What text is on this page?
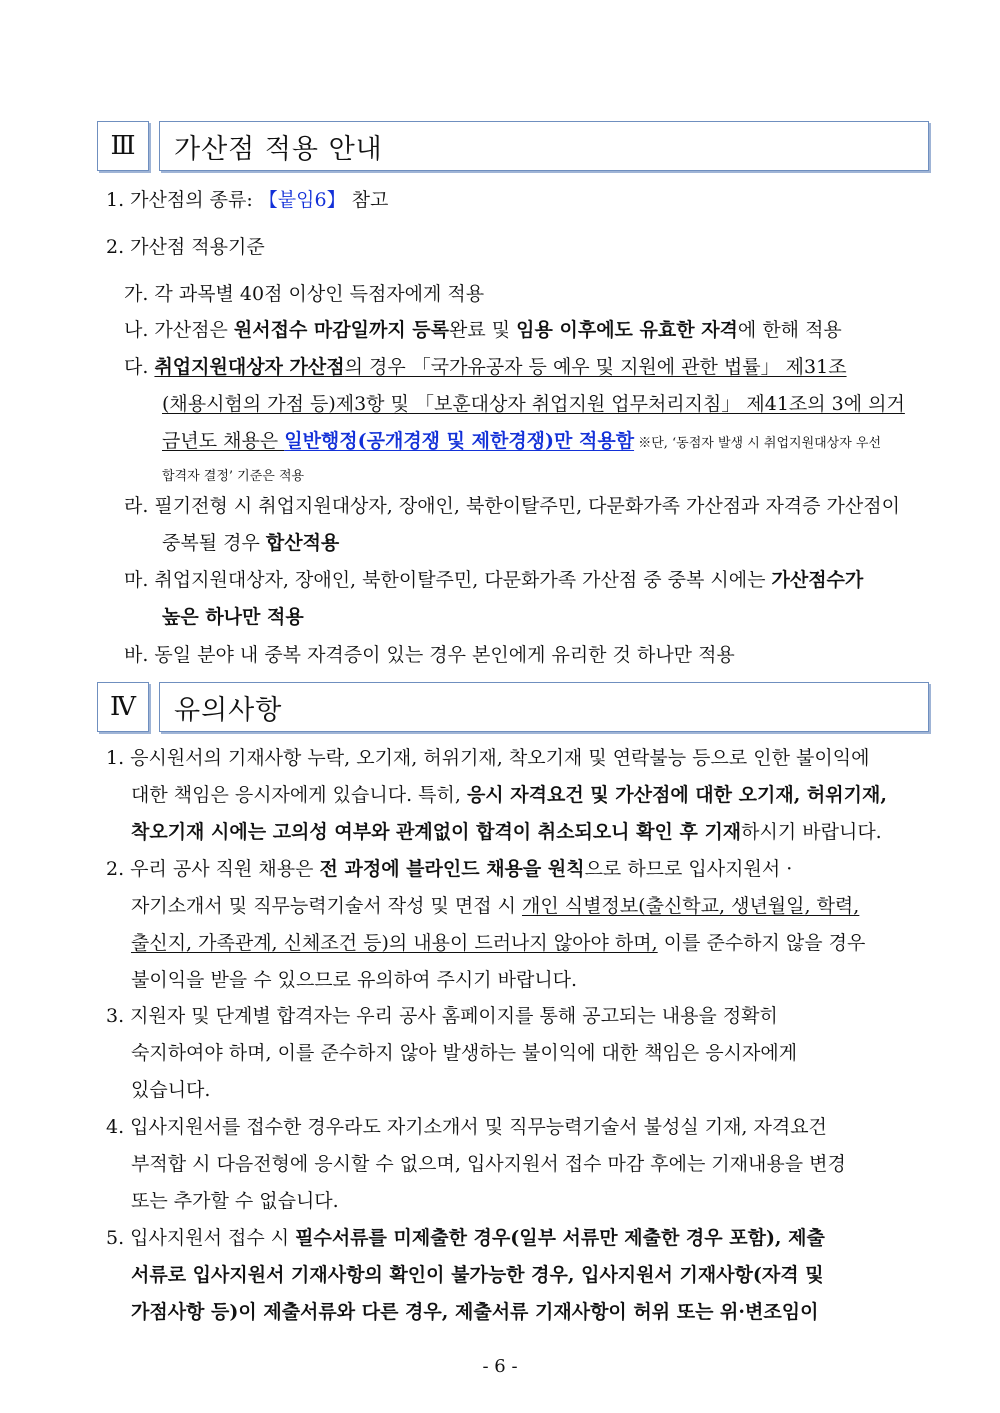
Ⅲ	가산점 적용 안내
1. 가산점의 종류: 【붙임6】 참고
2. 가산점 적용기준
가. 각 과목별 40점 이상인 득점자에게 적용
나. 가산점은 원서접수 마감일까지 등록완료 및 임용 이후에도 유효한 자격에 한해 적용
다. 취업지원대상자 가산점의 경우 「국가유공자 등 예우 및 지원에 관한 법률」 제31조
(채용시험의 가점 등)제3항 및 「보훈대상자 취업지원 업무처리지침」 제41조의 3에 의거
금년도 채용은 일반행정(공개경쟁 및 제한경쟁)만 적용함 ※단, ‘동점자 발생 시 취업지원대상자 우선
합격자 결정’ 기준은 적용
라. 필기전형 시 취업지원대상자, 장애인, 북한이탈주민, 다문화가족 가산점과 자격증 가산점이
중복될 경우 합산적용
마. 취업지원대상자, 장애인, 북한이탈주민, 다문화가족 가산점 중 중복 시에는 가산점수가
높은 하나만 적용
바. 동일 분야 내 중복 자격증이 있는 경우 본인에게 유리한 것 하나만 적용
Ⅳ	유의사항
1. 응시원서의 기재사항 누락, 오기재, 허위기재, 착오기재 및 연락불능 등으로 인한 불이익에
대한 책임은 응시자에게 있습니다. 특히, 응시 자격요건 및 가산점에 대한 오기재, 허위기재,
착오기재 시에는 고의성 여부와 관계없이 합격이 취소되오니 확인 후 기재하시기 바랍니다.
2. 우리 공사 직원 채용은 전 과정에 블라인드 채용을 원칙으로 하므로 입사지원서 ·
자기소개서 및 직무능력기술서 작성 및 면접 시 개인 식별정보(출신학교, 생년월일, 학력,
출신지, 가족관계, 신체조건 등)의 내용이 드러나지 않아야 하며, 이를 준수하지 않을 경우
불이익을 받을 수 있으므로 유의하여 주시기 바랍니다.
3. 지원자 및 단계별 합격자는 우리 공사 홈페이지를 통해 공고되는 내용을 정확히
숙지하여야 하며, 이를 준수하지 않아 발생하는 불이익에 대한 책임은 응시자에게
있습니다.
4. 입사지원서를 접수한 경우라도 자기소개서 및 직무능력기술서 불성실 기재, 자격요건
부적합 시 다음전형에 응시할 수 없으며, 입사지원서 접수 마감 후에는 기재내용을 변경
또는 추가할 수 없습니다.
5. 입사지원서 접수 시 필수서류를 미제출한 경우(일부 서류만 제출한 경우 포함), 제출
서류로 입사지원서 기재사항의 확인이 불가능한 경우, 입사지원서 기재사항(자격 및
가점사항 등)이 제출서류와 다른 경우, 제출서류 기재사항이 허위 또는 위·변조임이
- 6 -
